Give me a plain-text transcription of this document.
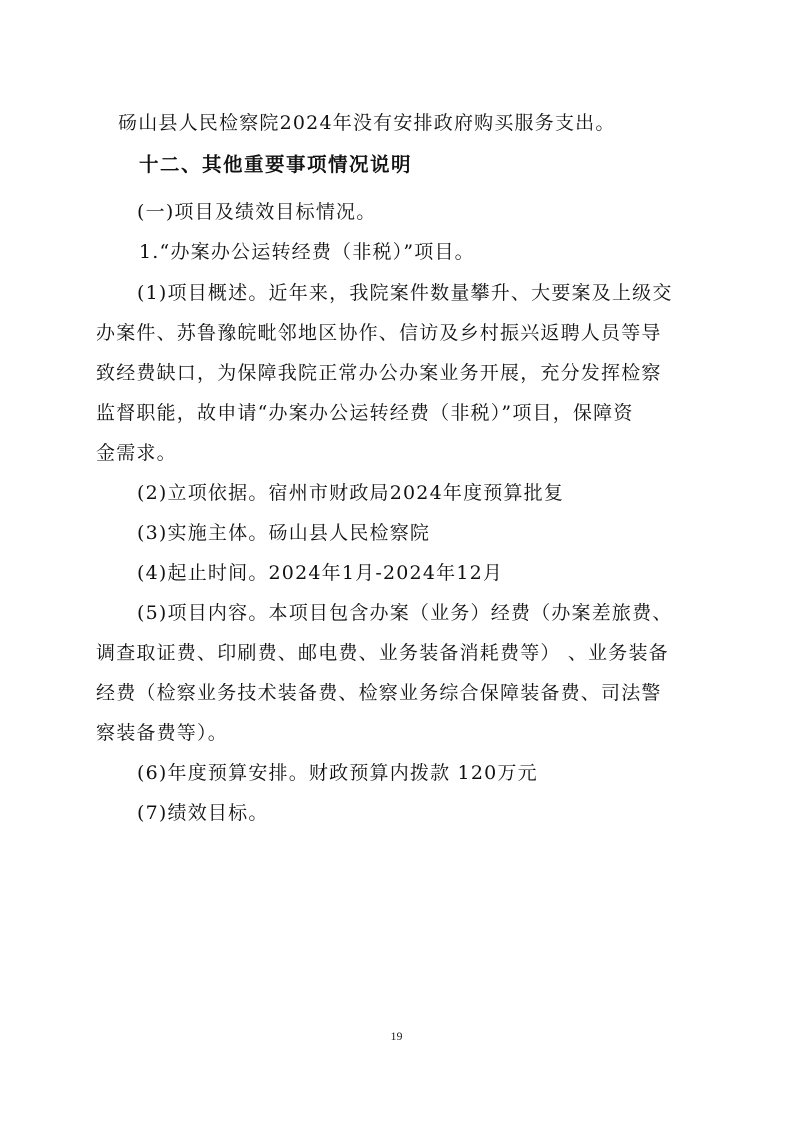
砀山县人民检察院2024年没有安排政府购买服务支出。
十二、其他重要事项情况说明
(一)项目及绩效目标情况。
1.“办案办公运转经费（非税）”项目。
(1)项目概述。近年来，我院案件数量攀升、大要案及上级交
办案件、苏鲁豫皖毗邻地区协作、信访及乡村振兴返聘人员等导
致经费缺口，为保障我院正常办公办案业务开展，充分发挥检察
监督职能，故申请“办案办公运转经费（非税）”项目，保障资
金需求。
(2)立项依据。宿州市财政局2024年度预算批复
(3)实施主体。砀山县人民检察院
(4)起止时间。2024年1月-2024年12月
(5)项目内容。本项目包含办案（业务）经费（办案差旅费、
调查取证费、印刷费、邮电费、业务装备消耗费等） 、业务装备
经费（检察业务技术装备费、检察业务综合保障装备费、司法警
察装备费等）。
(6)年度预算安排。财政预算内拨款 120万元
(7)绩效目标。
19
